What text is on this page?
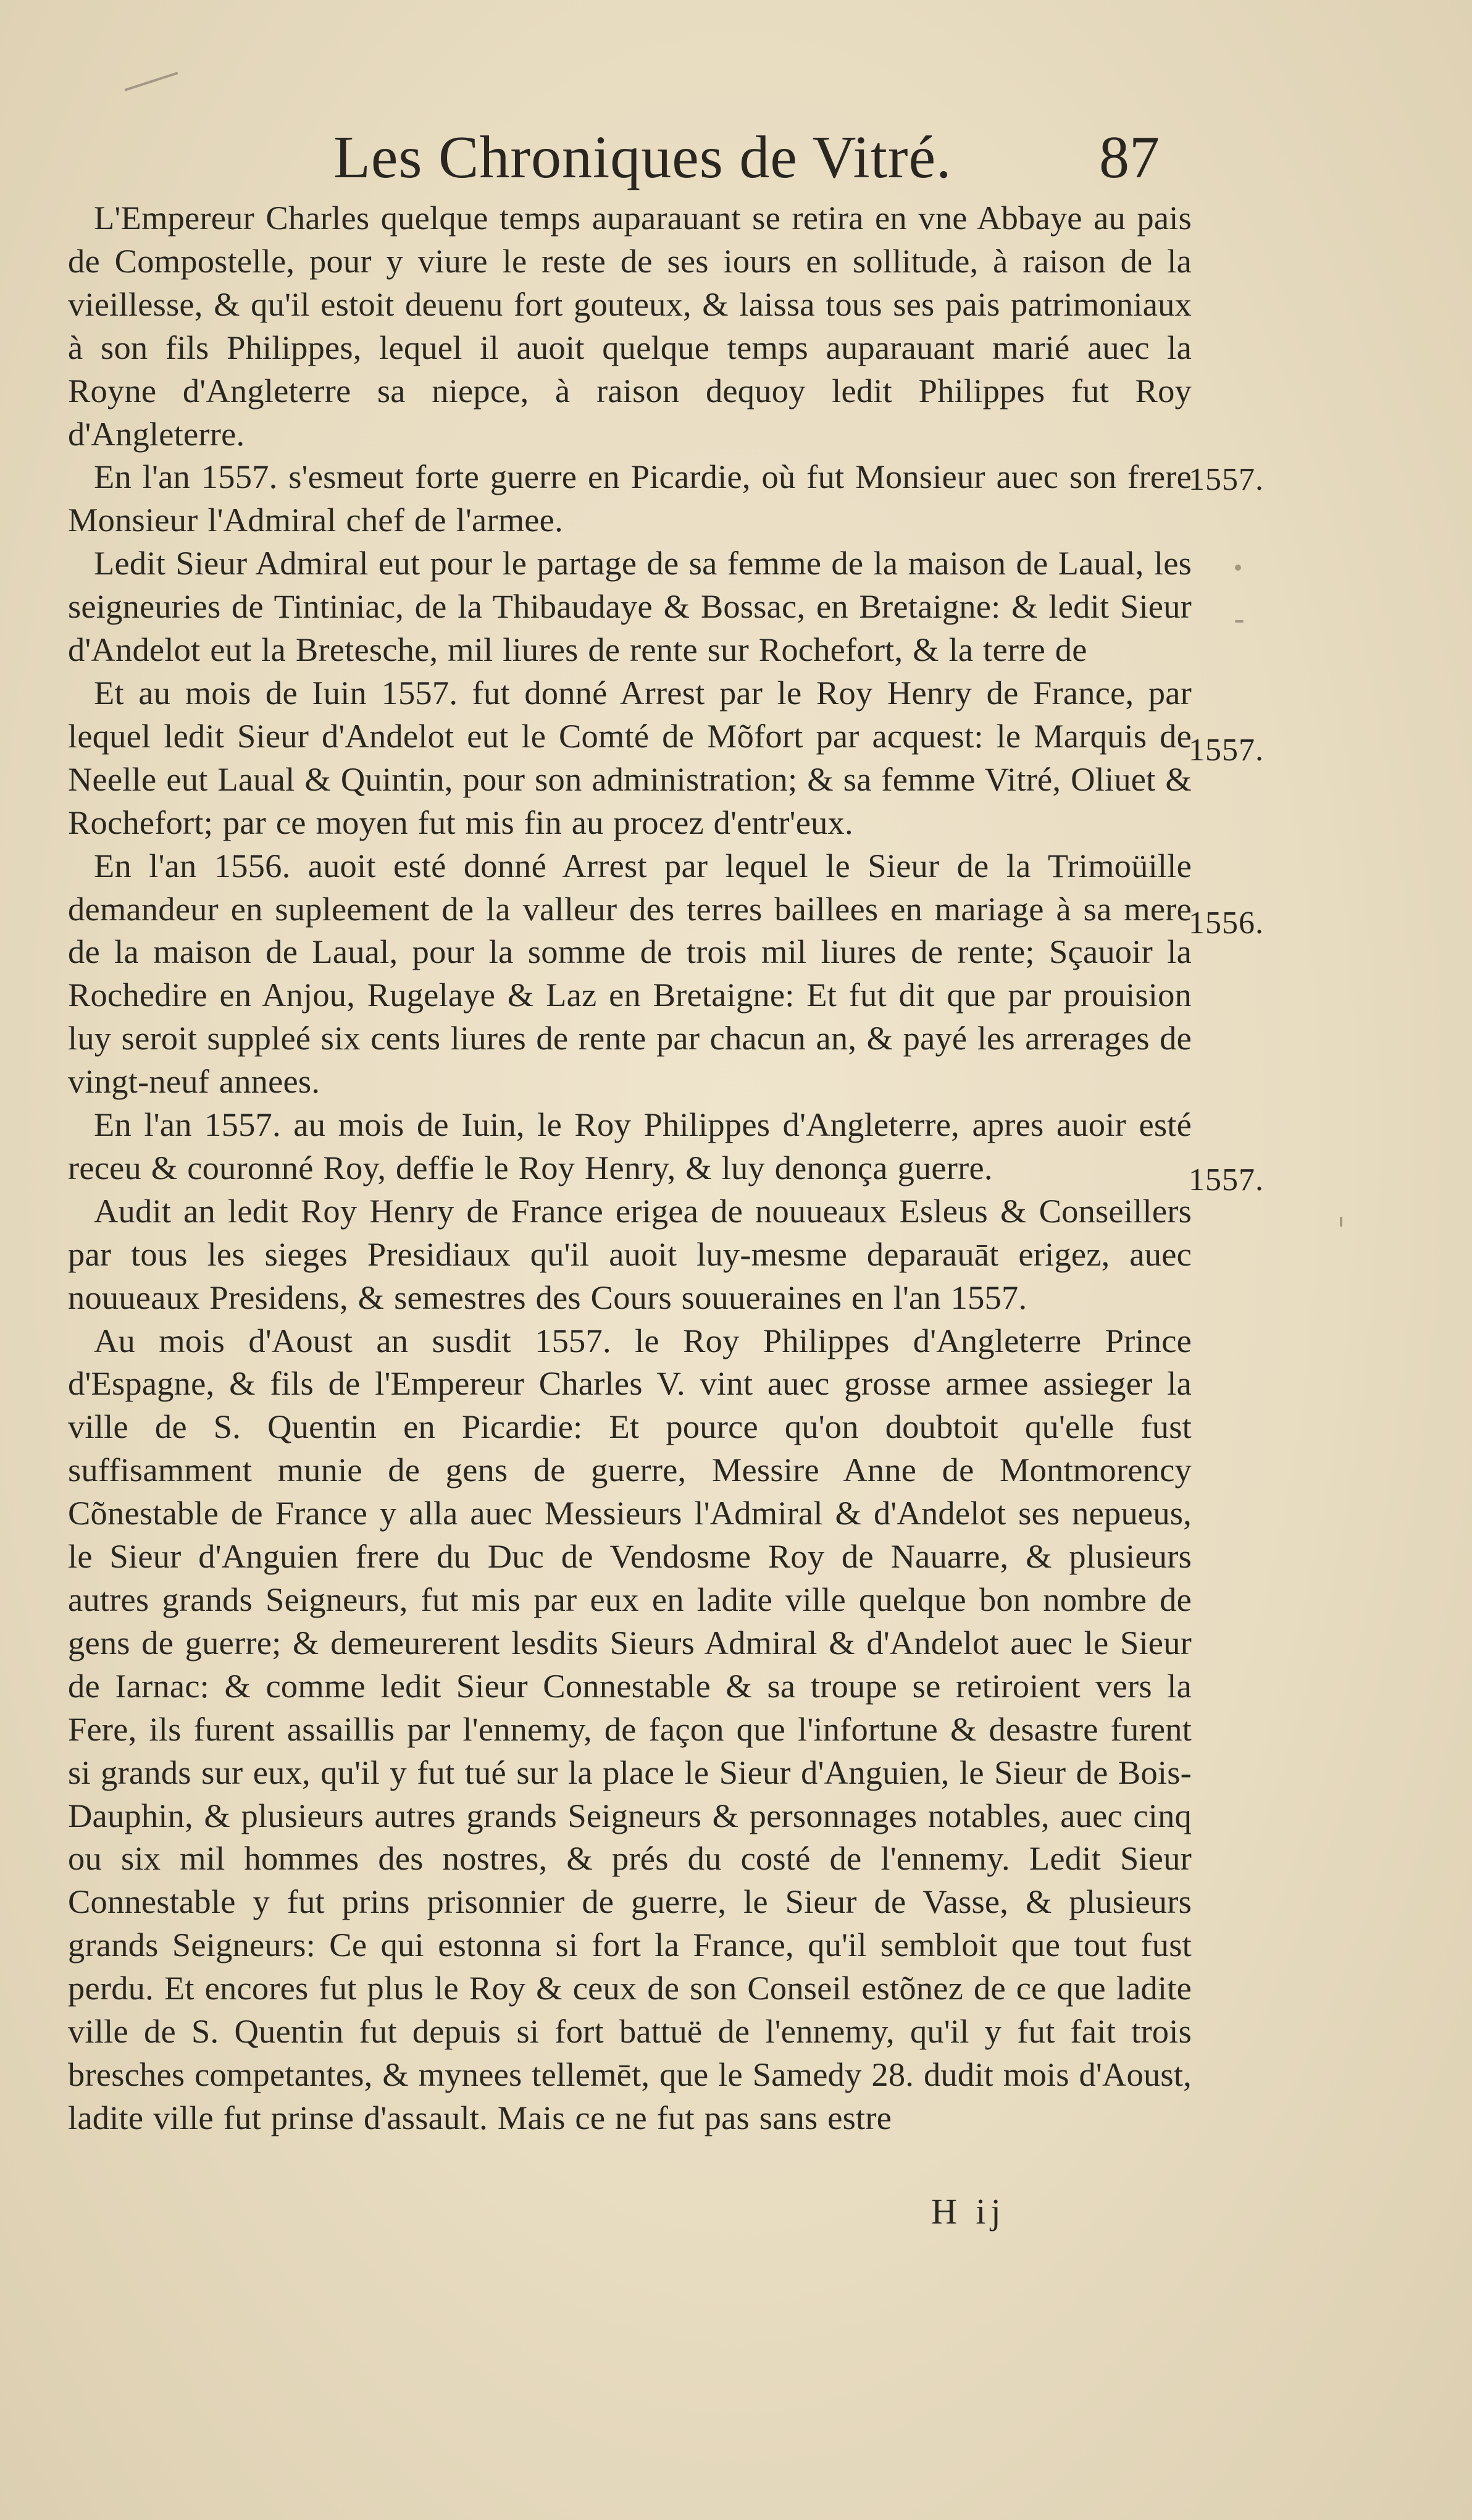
Les Chroniques de Vitré. 87

L'Empereur Charles quelque temps auparauant se retira en vne Abbaye au pais de Compostelle, pour y viure le reste de ses iours en sollitude, à raison de la vieillesse, & qu'il estoit deuenu fort gouteux, & laissa tous ses pais patrimoniaux à son fils Philippes, lequel il auoit quelque temps auparauant marié auec la Royne d'Angleterre sa niepce, à raison dequoy ledit Philippes fut Roy d'Angleterre.

En l'an 1557. s'esmeut forte guerre en Picardie, où fut Monsieur auec son frere Monsieur l'Admiral chef de l'armee.

Ledit Sieur Admiral eut pour le partage de sa femme de la maison de Laual, les seigneuries de Tintiniac, de la Thibaudaye & Bossac, en Bretaigne: & ledit Sieur d'Andelot eut la Bretesche, mil liures de rente sur Rochefort, & la terre de

Et au mois de Iuin 1557. fut donné Arrest par le Roy Henry de France, par lequel ledit Sieur d'Andelot eut le Comté de Mõfort par acquest: le Marquis de Neelle eut Laual & Quintin, pour son administration; & sa femme Vitré, Oliuet & Rochefort; par ce moyen fut mis fin au procez d'entr'eux.

En l'an 1556. auoit esté donné Arrest par lequel le Sieur de la Trimoüille demandeur en supleement de la valleur des terres baillees en mariage à sa mere de la maison de Laual, pour la somme de trois mil liures de rente; Sçauoir la Rochedire en Anjou, Rugelaye & Laz en Bretaigne: Et fut dit que par prouision luy seroit suppleé six cents liures de rente par chacun an, & payé les arrerages de vingt-neuf annees.

En l'an 1557. au mois de Iuin, le Roy Philippes d'Angleterre, apres auoir esté receu & couronné Roy, deffie le Roy Henry, & luy denonça guerre.

Audit an ledit Roy Henry de France erigea de nouueaux Esleus & Conseillers par tous les sieges Presidiaux qu'il auoit luy-mesme deparauāt erigez, auec nouueaux Presidens, & semestres des Cours souueraines en l'an 1557.

Au mois d'Aoust an susdit 1557. le Roy Philippes d'Angleterre Prince d'Espagne, & fils de l'Empereur Charles V. vint auec grosse armee assieger la ville de S. Quentin en Picardie: Et pource qu'on doubtoit qu'elle fust suffisamment munie de gens de guerre, Messire Anne de Montmorency Cõnestable de France y alla auec Messieurs l'Admiral & d'Andelot ses nepueus, le Sieur d'Anguien frere du Duc de Vendosme Roy de Nauarre, & plusieurs autres grands Seigneurs, fut mis par eux en ladite ville quelque bon nombre de gens de guerre; & demeurerent lesdits Sieurs Admiral & d'Andelot auec le Sieur de Iarnac: & comme ledit Sieur Connestable & sa troupe se retiroient vers la Fere, ils furent assaillis par l'ennemy, de façon que l'infortune & desastre furent si grands sur eux, qu'il y fut tué sur la place le Sieur d'Anguien, le Sieur de Bois-Dauphin, & plusieurs autres grands Seigneurs & personnages notables, auec cinq ou six mil hommes des nostres, & prés du costé de l'ennemy. Ledit Sieur Connestable y fut prins prisonnier de guerre, le Sieur de Vasse, & plusieurs grands Seigneurs: Ce qui estonna si fort la France, qu'il sembloit que tout fust perdu. Et encores fut plus le Roy & ceux de son Conseil estõnez de ce que ladite ville de S. Quentin fut depuis si fort battuë de l'ennemy, qu'il y fut fait trois bresches competantes, & mynees tellemēt, que le Samedy 28. dudit mois d'Aoust, ladite ville fut prinse d'assault. Mais ce ne fut pas sans estre

1557.
1557.
1556.
1557.
H ij
